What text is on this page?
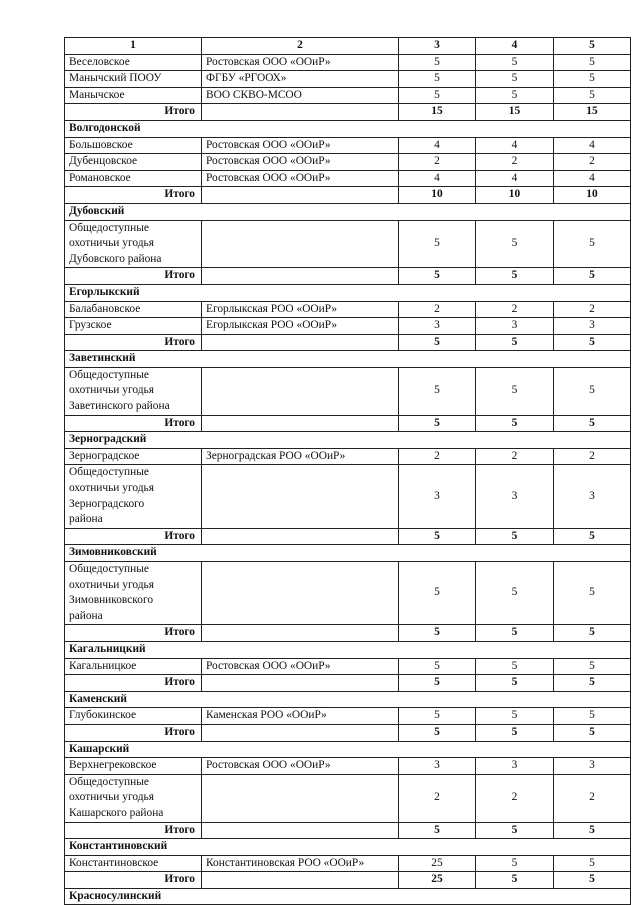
1	2	3	4	5
Веселовское	Ростовская ООО «ООиР»	5	5	5
Манычский ПООУ	ФГБУ «РГООХ»	5	5	5
Манычское	ВОО СКВО-МСОО	5	5	5
Итого		15	15	15
Волгодонской				
Большовское	Ростовская ООО «ООиР»	4	4	4
Дубенцовское	Ростовская ООО «ООиР»	2	2	2
Романовское	Ростовская ООО «ООиР»	4	4	4
Итого		10	10	10
Дубовский				
Общедоступные
охотничьи угодья
Дубовского района		5	5	5
Итого		5	5	5
Егорлыкский				
Балабановское	Егорлыкская РОО «ООиР»	2	2	2
Грузское	Егорлыкская РОО «ООиР»	3	3	3
Итого		5	5	5
Заветинский				
Общедоступные
охотничьи угодья
Заветинского района		5	5	5
Итого		5	5	5
Зерноградский				
Зерноградское	Зерноградская РОО «ООиР»	2	2	2
Общедоступные
охотничьи угодья
Зерноградского
района		3	3	3
Итого		5	5	5
Зимовниковский				
Общедоступные
охотничьи угодья
Зимовниковского
района		5	5	5
Итого		5	5	5
Кагальницкий				
Кагальницкое	Ростовская ООО «ООиР»	5	5	5
Итого		5	5	5
Каменский				
Глубокинское	Каменская РОО «ООиР»	5	5	5
Итого		5	5	5
Кашарский				
Верхнегрековское	Ростовская ООО «ООиР»	3	3	3
Общедоступные
охотничьи угодья
Кашарского района		2	2	2
Итого		5	5	5
Константиновский				
Константиновское	Константиновская РОО «ООиР»	25	5	5
Итого		25	5	5
Красносулинский				
